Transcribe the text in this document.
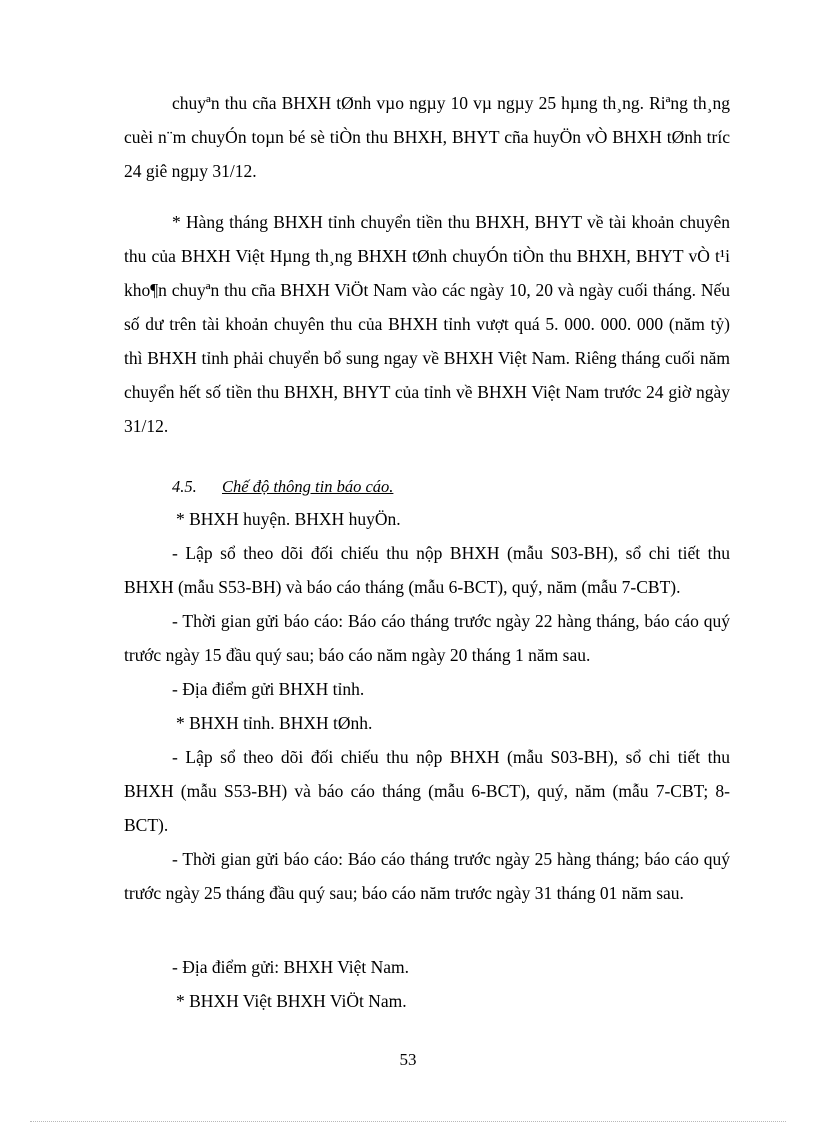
chuyªn thu cña BHXH tØnh vµo ngµy 10 vµ ngµy 25 hµng th¸ng. Riªng th¸ng cuèi n¨m chuyÓn toµn bé sè tiÒn thu BHXH, BHYT cña huyÖn vÒ BHXH tØnh tríc 24 giê ngµy 31/12.

* Hàng tháng BHXH tỉnh chuyển tiền thu BHXH, BHYT về tài khoản chuyên thu của BHXH Việt Hµng th¸ng BHXH tØnh chuyÓn tiÒn thu BHXH, BHYT vÒ t¹i kho¶n chuyªn thu cña BHXH ViÖt Nam vào các ngày 10, 20 và ngày cuối tháng. Nếu số dư trên tài khoản chuyên thu của BHXH tỉnh vượt quá 5. 000. 000. 000 (năm tỷ) thì BHXH tỉnh phải chuyển bổ sung ngay về BHXH Việt Nam. Riêng tháng cuối năm chuyển hết số tiền thu BHXH, BHYT của tỉnh về BHXH Việt Nam trước 24 giờ ngày 31/12.

4.5. Chế độ thông tin báo cáo.
* BHXH huyện. BHXH huyÖn.

- Lập sổ theo dõi đối chiếu thu nộp BHXH (mẫu S03-BH), sổ chi tiết thu BHXH (mẫu S53-BH) và báo cáo tháng (mẫu 6-BCT), quý, năm (mẫu 7-CBT).

- Thời gian gửi báo cáo: Báo cáo tháng trước ngày 22 hàng tháng, báo cáo quý trước ngày 15 đầu quý sau; báo cáo năm ngày 20 tháng 1 năm sau.

- Địa điểm gửi BHXH tỉnh.
* BHXH tỉnh. BHXH tØnh.

- Lập sổ theo dõi đối chiếu thu nộp BHXH (mẫu S03-BH), sổ chi tiết thu BHXH (mẫu S53-BH) và báo cáo tháng (mẫu 6-BCT), quý, năm (mẫu 7-CBT; 8-BCT).

- Thời gian gửi báo cáo: Báo cáo tháng trước ngày 25 hàng tháng; báo cáo quý trước ngày 25 tháng đầu quý sau; báo cáo năm trước ngày 31 tháng 01 năm sau.

- Địa điểm gửi: BHXH Việt Nam.
* BHXH Việt BHXH ViÖt Nam.
53
